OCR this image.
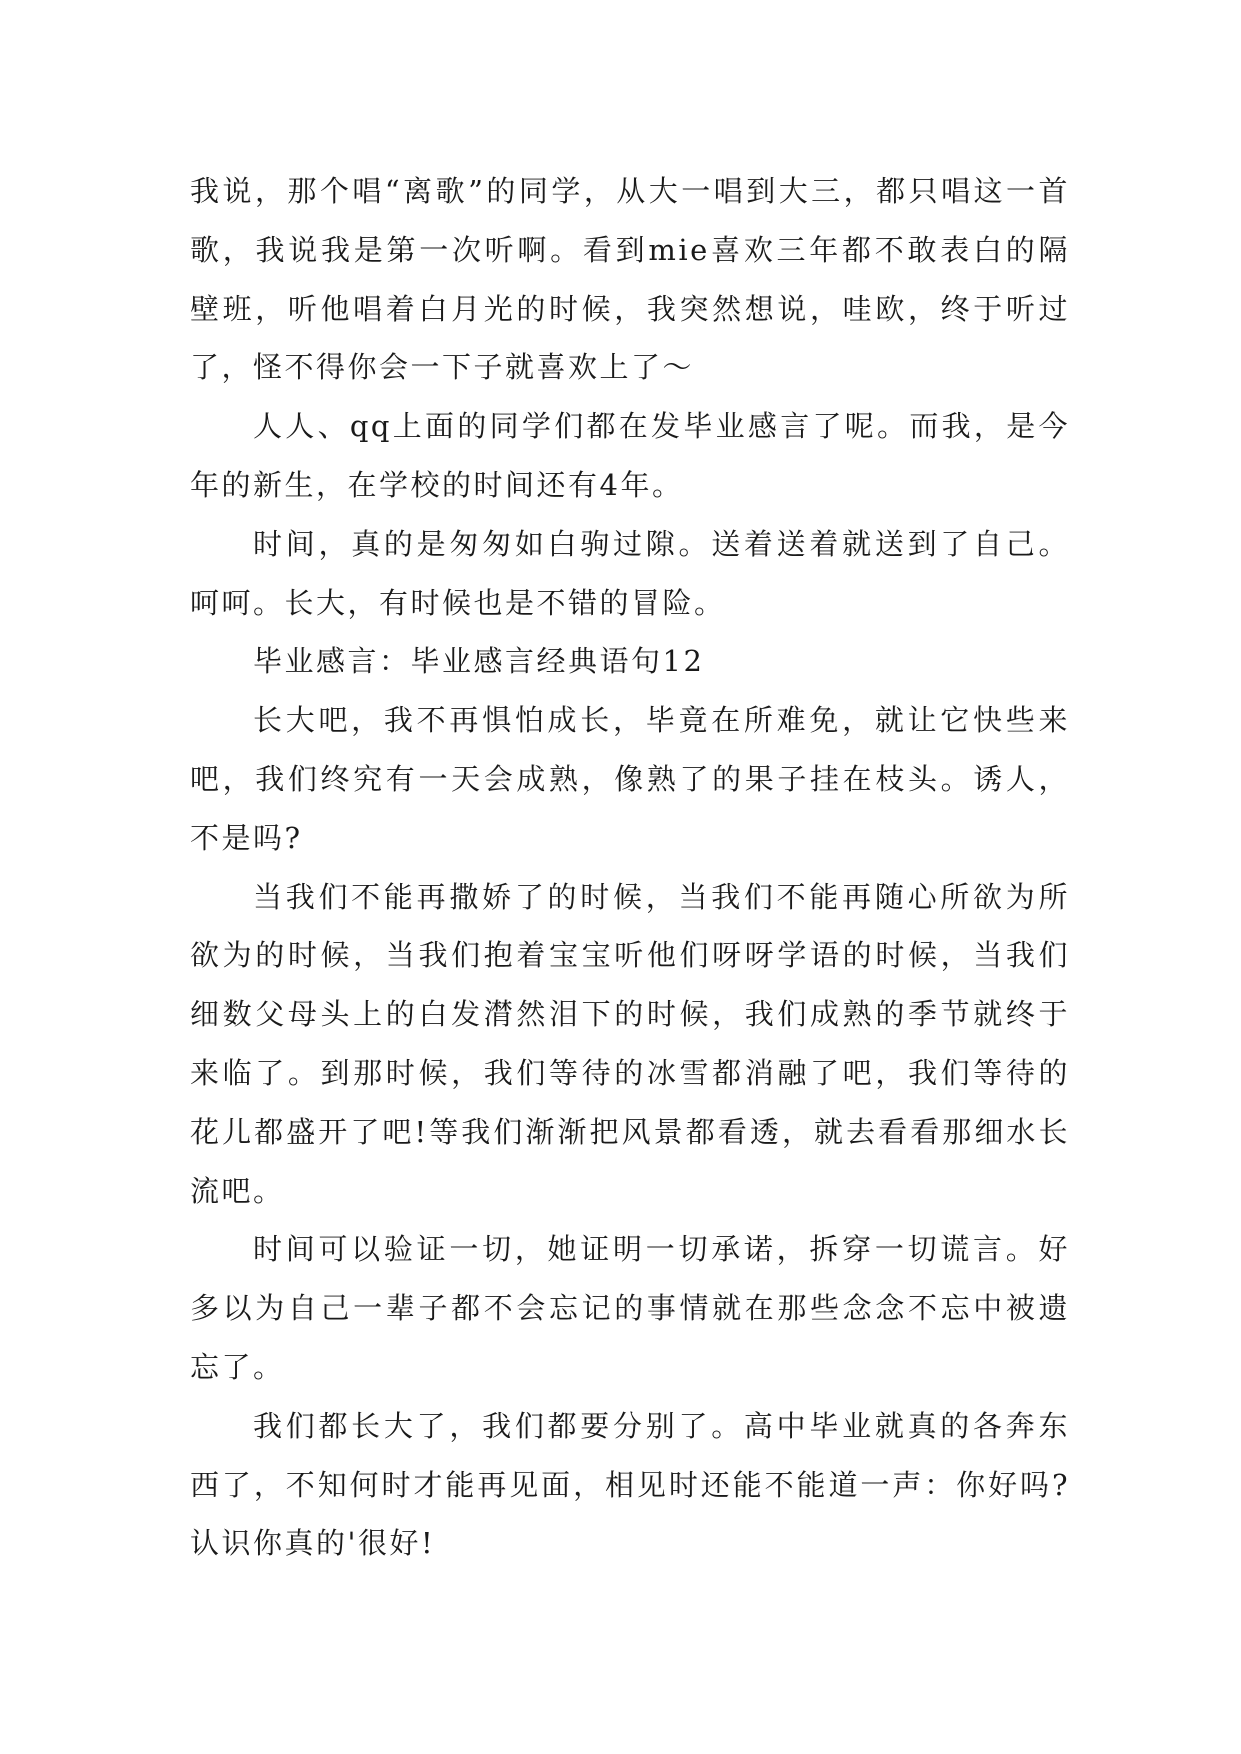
我说，那个唱“离歌”的同学，从大一唱到大三，都只唱这一首歌，我说我是第一次听啊。看到mie喜欢三年都不敢表白的隔壁班，听他唱着白月光的时候，我突然想说，哇欧，终于听过了，怪不得你会一下子就喜欢上了～

人人、qq上面的同学们都在发毕业感言了呢。而我，是今年的新生，在学校的时间还有4年。

时间，真的是匆匆如白驹过隙。送着送着就送到了自己。呵呵。长大，有时候也是不错的冒险。

毕业感言：毕业感言经典语句12

长大吧，我不再惧怕成长，毕竟在所难免，就让它快些来吧，我们终究有一天会成熟，像熟了的果子挂在枝头。诱人，不是吗?

当我们不能再撒娇了的时候，当我们不能再随心所欲为所欲为的时候，当我们抱着宝宝听他们呀呀学语的时候，当我们细数父母头上的白发潸然泪下的时候，我们成熟的季节就终于来临了。到那时候，我们等待的冰雪都消融了吧，我们等待的花儿都盛开了吧!等我们渐渐把风景都看透，就去看看那细水长流吧。

时间可以验证一切，她证明一切承诺，拆穿一切谎言。好多以为自己一辈子都不会忘记的事情就在那些念念不忘中被遗忘了。

我们都长大了，我们都要分别了。高中毕业就真的各奔东西了，不知何时才能再见面，相见时还能不能道一声：你好吗?认识你真的'很好!
